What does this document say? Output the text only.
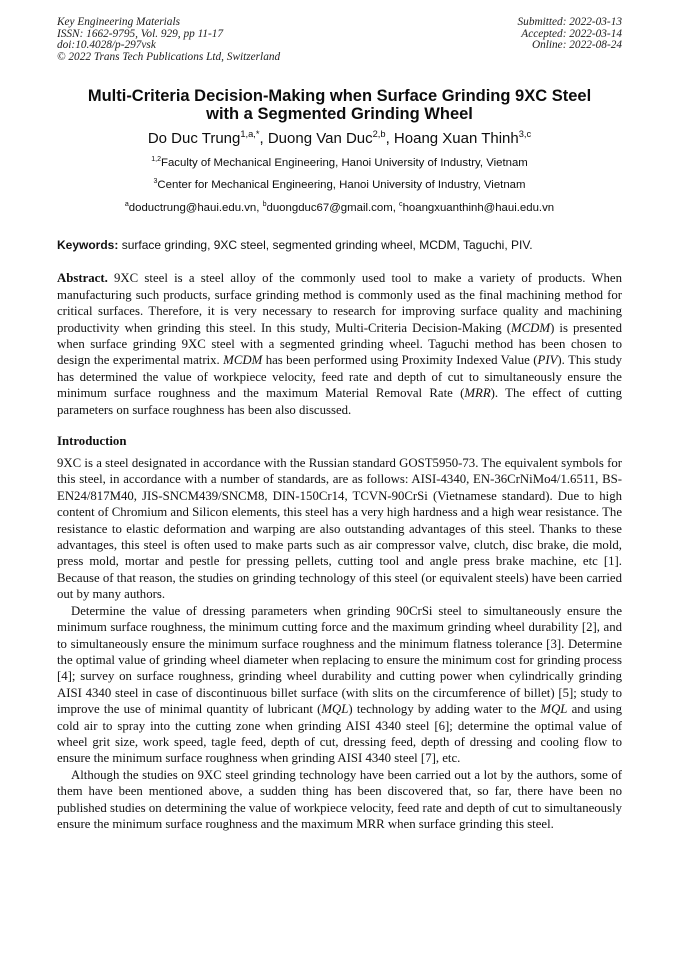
Key Engineering Materials
ISSN: 1662-9795, Vol. 929, pp 11-17
doi:10.4028/p-297vsk
© 2022 Trans Tech Publications Ltd, Switzerland
Submitted: 2022-03-13
Accepted: 2022-03-14
Online: 2022-08-24
Multi-Criteria Decision-Making when Surface Grinding 9XC Steel
with a Segmented Grinding Wheel
Do Duc Trung$^{1,a,*}$, Duong Van Duc$^{2,b}$, Hoang Xuan Thinh$^{3,c}$
$^{1,2}$Faculty of Mechanical Engineering, Hanoi University of Industry, Vietnam
$^3$Center for Mechanical Engineering, Hanoi University of Industry, Vietnam
$^a$doductrung@haui.edu.vn, $^b$duongduc67@gmail.com, $^c$hoangxuanthinh@haui.edu.vn
Keywords: surface grinding, 9XC steel, segmented grinding wheel, MCDM, Taguchi, PIV.

Abstract. 9XC steel is a steel alloy of the commonly used tool to make a variety of products. When manufacturing such products, surface grinding method is commonly used as the final machining method for critical surfaces. Therefore, it is very necessary to research for improving surface quality and machining productivity when grinding this steel. In this study, Multi-Criteria Decision-Making (MCDM) is presented when surface grinding 9XC steel with a segmented grinding wheel. Taguchi method has been chosen to design the experimental matrix. MCDM has been performed using Proximity Indexed Value (PIV). This study has determined the value of workpiece velocity, feed rate and depth of cut to simultaneously ensure the minimum surface roughness and the maximum Material Removal Rate (MRR). The effect of cutting parameters on surface roughness has been also discussed.

Introduction

9XC is a steel designated in accordance with the Russian standard GOST5950-73. The equivalent symbols for this steel, in accordance with a number of standards, are as follows: AISI-4340, EN-36CrNiMo4/1.6511, BS-EN24/817M40, JIS-SNCM439/SNCM8, DIN-150Cr14, TCVN-90CrSi (Vietnamese standard). Due to high content of Chromium and Silicon elements, this steel has a very high hardness and a high wear resistance. The resistance to elastic deformation and warping are also outstanding advantages of this steel. Thanks to these advantages, this steel is often used to make parts such as air compressor valve, clutch, disc brake, die mold, press mold, mortar and pestle for pressing pellets, cutting tool and angle press brake machine, etc [1]. Because of that reason, the studies on grinding technology of this steel (or equivalent steels) have been carried out by many authors.

Determine the value of dressing parameters when grinding 90CrSi steel to simultaneously ensure the minimum surface roughness, the minimum cutting force and the maximum grinding wheel durability [2], and to simultaneously ensure the minimum surface roughness and the minimum flatness tolerance [3]. Determine the optimal value of grinding wheel diameter when replacing to ensure the minimum cost for grinding process [4]; survey on surface roughness, grinding wheel durability and cutting power when cylindrically grinding AISI 4340 steel in case of discontinuous billet surface (with slits on the circumference of billet) [5]; study to improve the use of minimal quantity of lubricant (MQL) technology by adding water to the MQL and using cold air to spray into the cutting zone when grinding AISI 4340 steel [6]; determine the optimal value of wheel grit size, work speed, tagle feed, depth of cut, dressing feed, depth of dressing and cooling flow to ensure the minimum surface roughness when grinding AISI 4340 steel [7], etc.

Although the studies on 9XC steel grinding technology have been carried out a lot by the authors, some of them have been mentioned above, a sudden thing has been discovered that, so far, there have been no published studies on determining the value of workpiece velocity, feed rate and depth of cut to simultaneously ensure the minimum surface roughness and the maximum MRR when surface grinding this steel.
